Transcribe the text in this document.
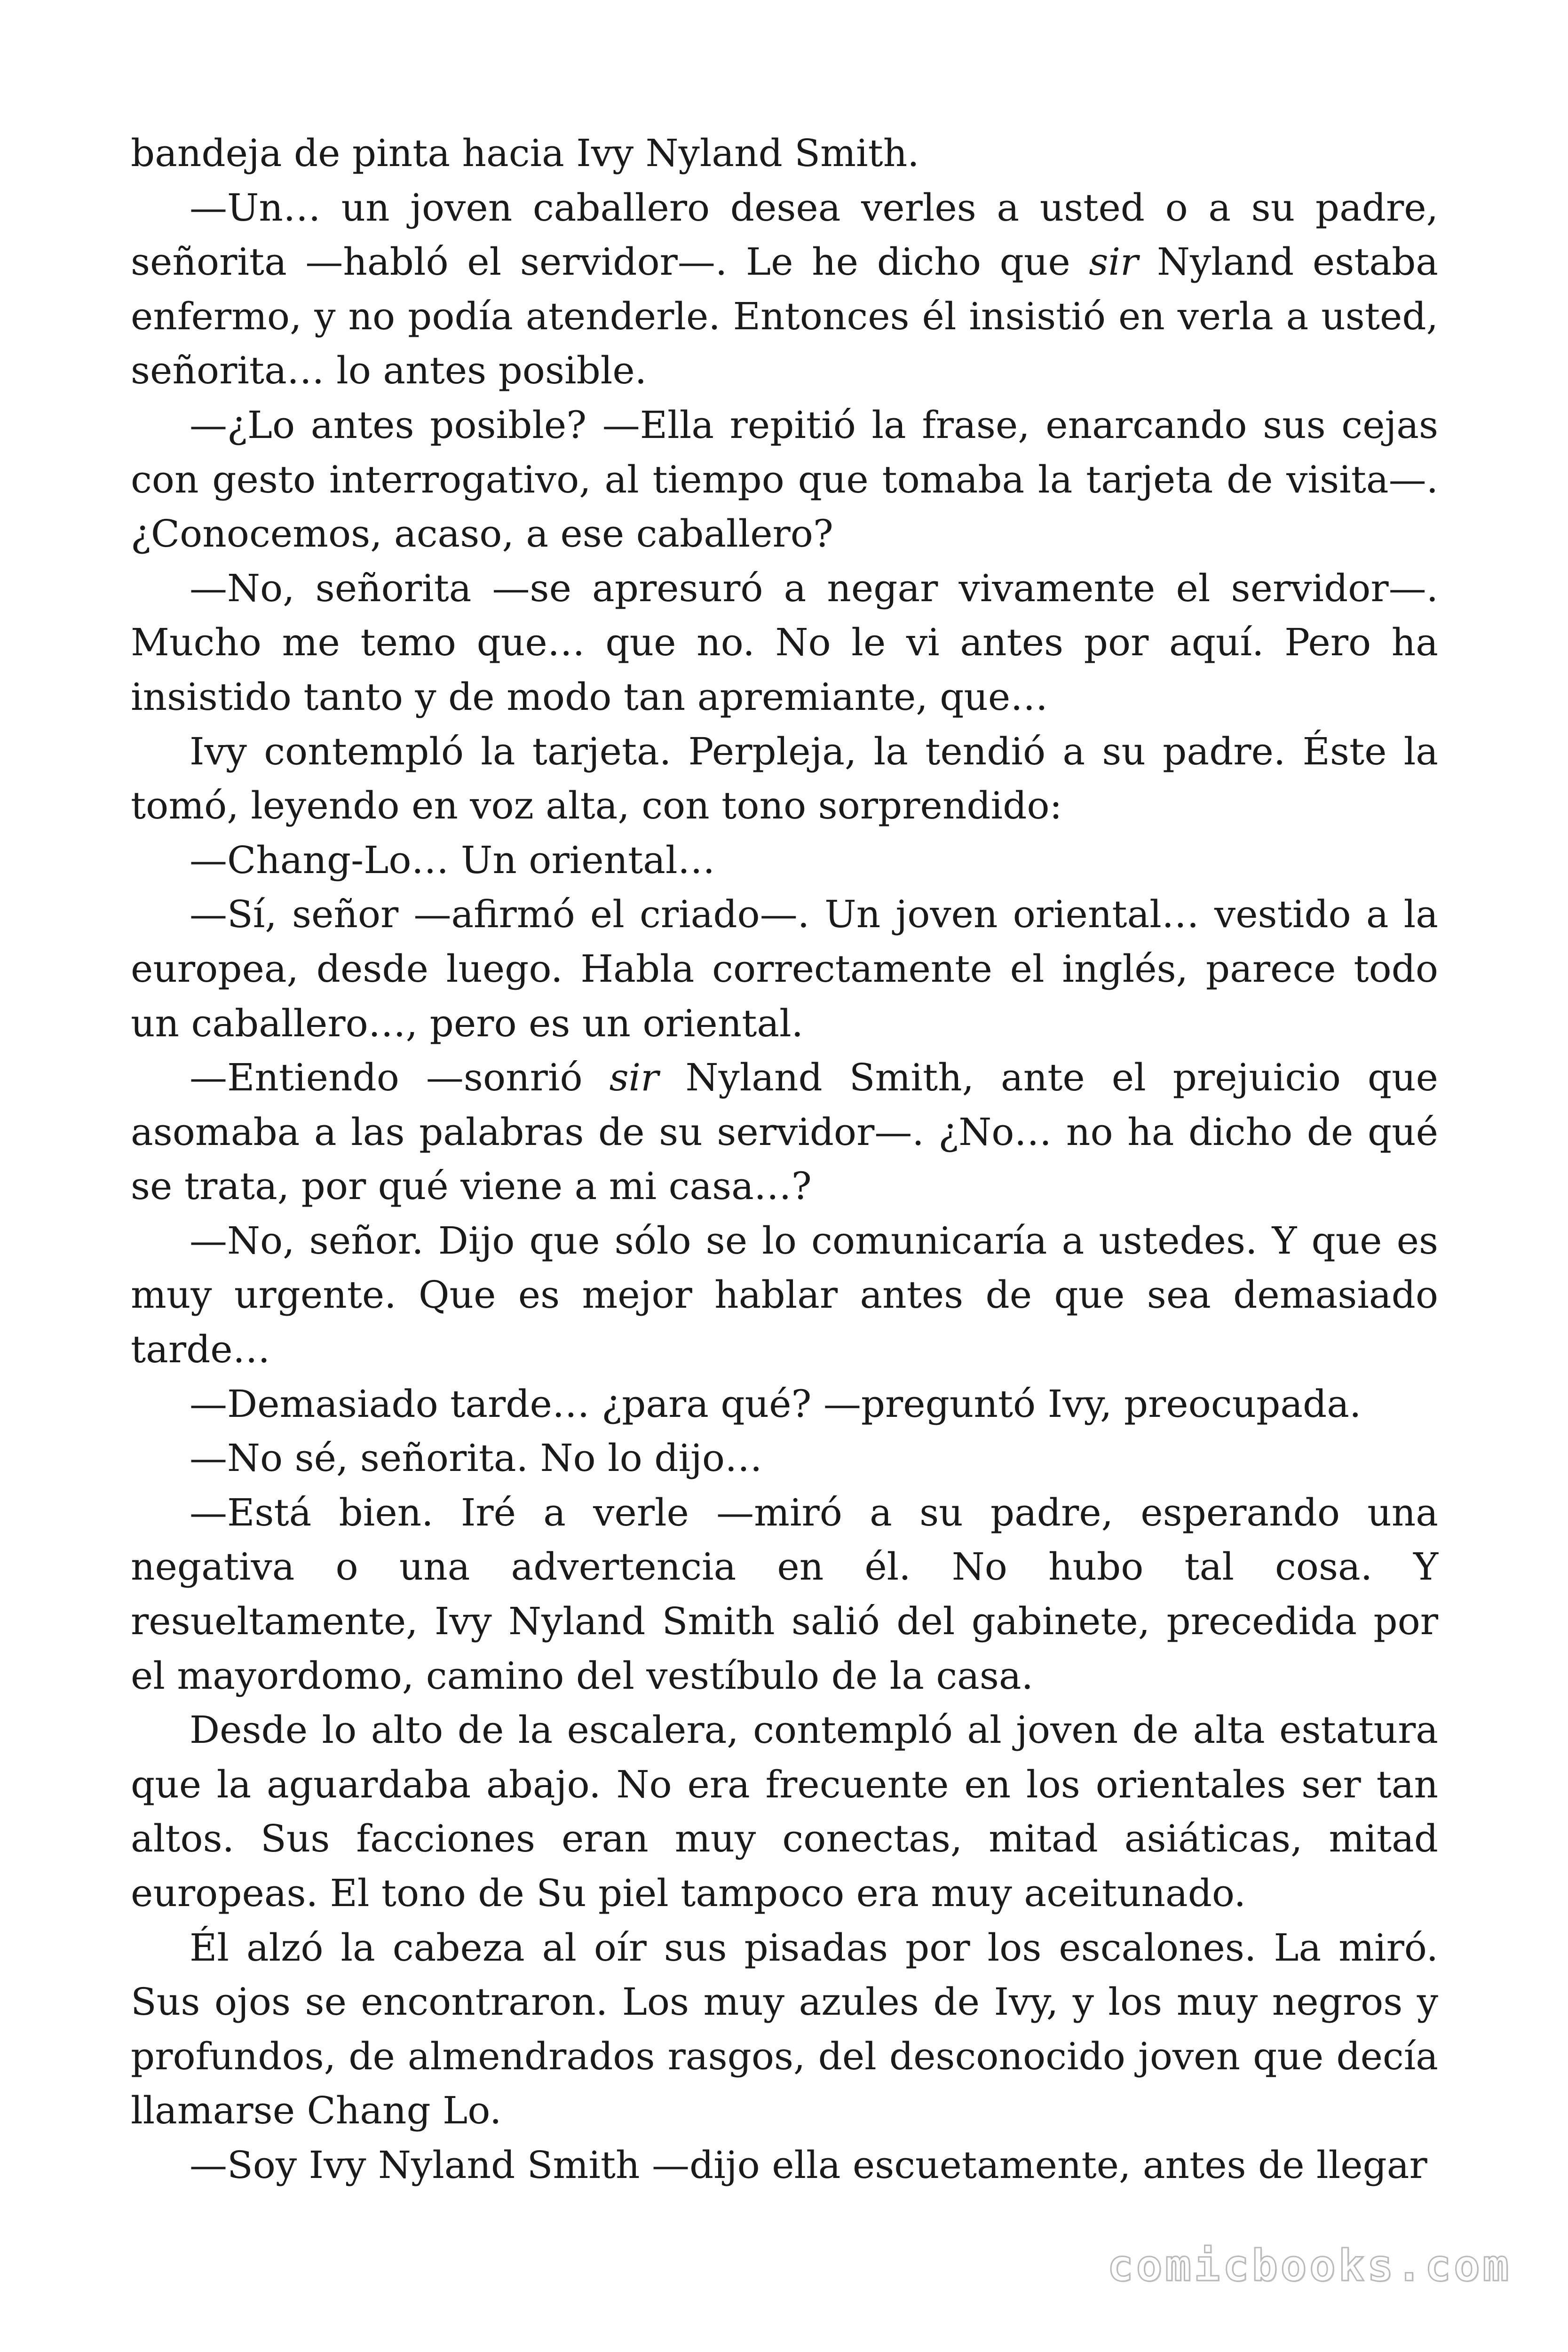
bandeja de pinta hacia Ivy Nyland Smith.

—Un… un joven caballero desea verles a usted o a su padre, señorita —habló el servidor—. Le he dicho que sir Nyland estaba enfermo, y no podía atenderle. Entonces él insistió en verla a usted, señorita… lo antes posible.

—¿Lo antes posible? —Ella repitió la frase, enarcando sus cejas con gesto interrogativo, al tiempo que tomaba la tarjeta de visita—. ¿Conocemos, acaso, a ese caballero?

—No, señorita —se apresuró a negar vivamente el servidor—. Mucho me temo que… que no. No le vi antes por aquí. Pero ha insistido tanto y de modo tan apremiante, que…

Ivy contempló la tarjeta. Perpleja, la tendió a su padre. Éste la tomó, leyendo en voz alta, con tono sorprendido:

—Chang-Lo… Un oriental…

—Sí, señor —afirmó el criado—. Un joven oriental… vestido a la europea, desde luego. Habla correctamente el inglés, parece todo un caballero…, pero es un oriental.

—Entiendo —sonrió sir Nyland Smith, ante el prejuicio que asomaba a las palabras de su servidor—. ¿No… no ha dicho de qué se trata, por qué viene a mi casa…?

—No, señor. Dijo que sólo se lo comunicaría a ustedes. Y que es muy urgente. Que es mejor hablar antes de que sea demasiado tarde…

—Demasiado tarde… ¿para qué? —preguntó Ivy, preocupada.

—No sé, señorita. No lo dijo…

—Está bien. Iré a verle —miró a su padre, esperando una negativa o una advertencia en él. No hubo tal cosa. Y resueltamente, Ivy Nyland Smith salió del gabinete, precedida por el mayordomo, camino del vestíbulo de la casa.

Desde lo alto de la escalera, contempló al joven de alta estatura que la aguardaba abajo. No era frecuente en los orientales ser tan altos. Sus facciones eran muy conectas, mitad asiáticas, mitad europeas. El tono de Su piel tampoco era muy aceitunado.

Él alzó la cabeza al oír sus pisadas por los escalones. La miró. Sus ojos se encontraron. Los muy azules de Ivy, y los muy negros y profundos, de almendrados rasgos, del desconocido joven que decía llamarse Chang Lo.

—Soy Ivy Nyland Smith —dijo ella escuetamente, antes de llegar

comicbooks.com
